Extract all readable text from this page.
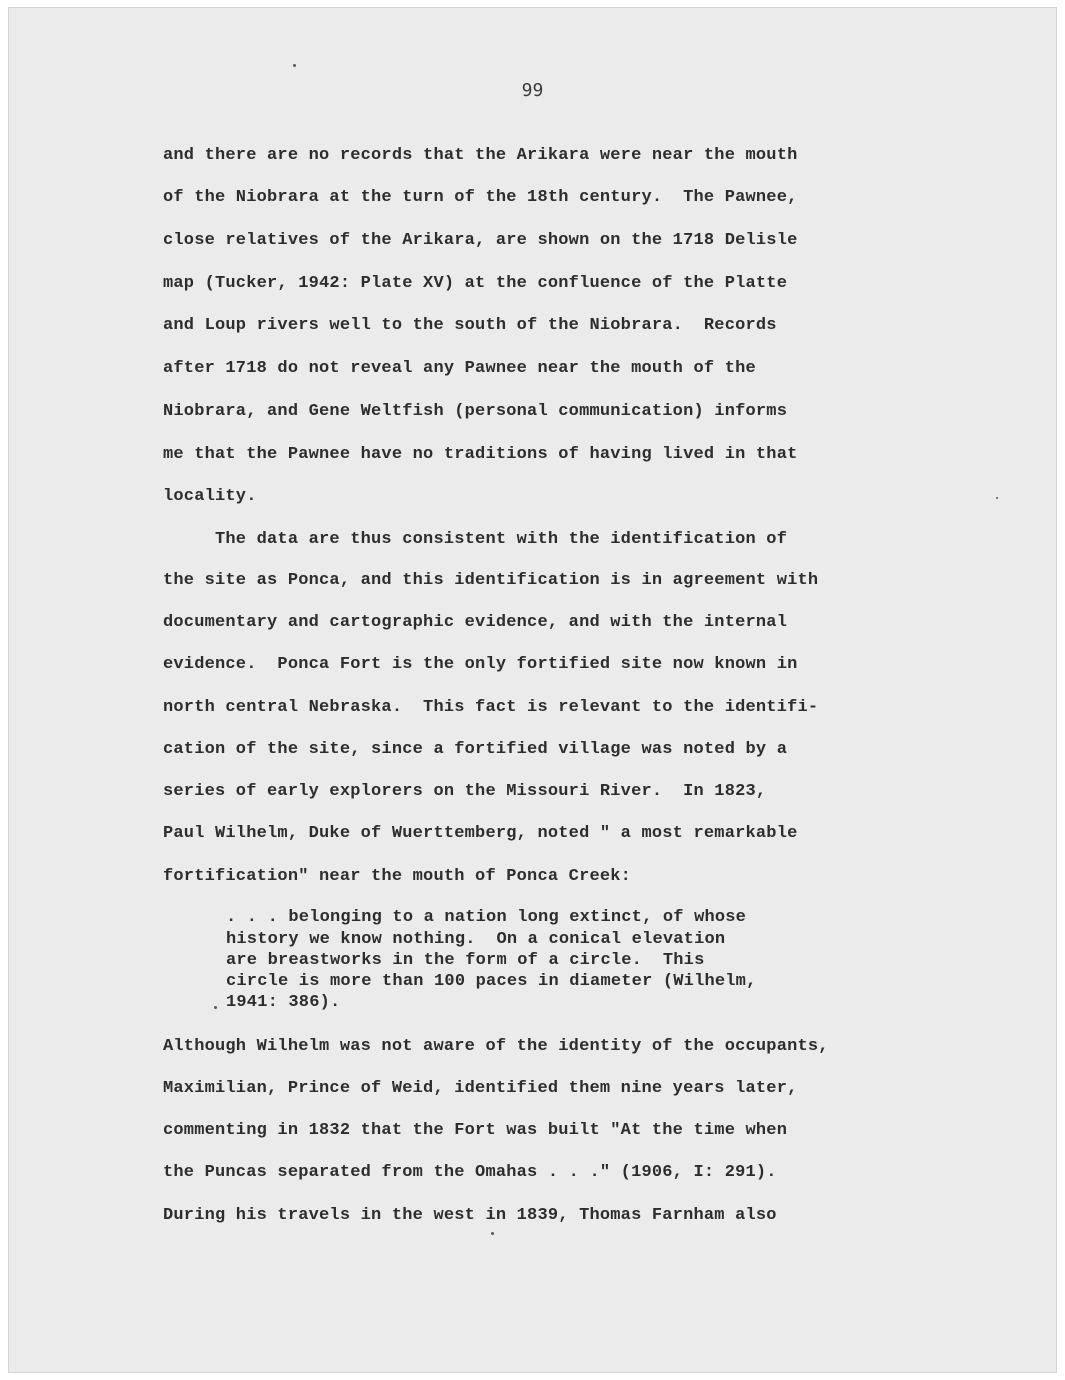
99
and there are no records that the Arikara were near the mouth
of the Niobrara at the turn of the 18th century.  The Pawnee,
close relatives of the Arikara, are shown on the 1718 Delisle
map (Tucker, 1942: Plate XV) at the confluence of the Platte
and Loup rivers well to the south of the Niobrara.  Records
after 1718 do not reveal any Pawnee near the mouth of the
Niobrara, and Gene Weltfish (personal communication) informs
me that the Pawnee have no traditions of having lived in that
locality.
The data are thus consistent with the identification of
the site as Ponca, and this identification is in agreement with
documentary and cartographic evidence, and with the internal
evidence.  Ponca Fort is the only fortified site now known in
north central Nebraska.  This fact is relevant to the identifi-
cation of the site, since a fortified village was noted by a
series of early explorers on the Missouri River.  In 1823,
Paul Wilhelm, Duke of Wuerttemberg, noted " a most remarkable
fortification" near the mouth of Ponca Creek:
. . . belonging to a nation long extinct, of whose
history we know nothing.  On a conical elevation
are breastworks in the form of a circle.  This
circle is more than 100 paces in diameter (Wilhelm,
1941: 386).
Although Wilhelm was not aware of the identity of the occupants,
Maximilian, Prince of Weid, identified them nine years later,
commenting in 1832 that the Fort was built "At the time when
the Puncas separated from the Omahas . . ." (1906, I: 291).
During his travels in the west in 1839, Thomas Farnham also
